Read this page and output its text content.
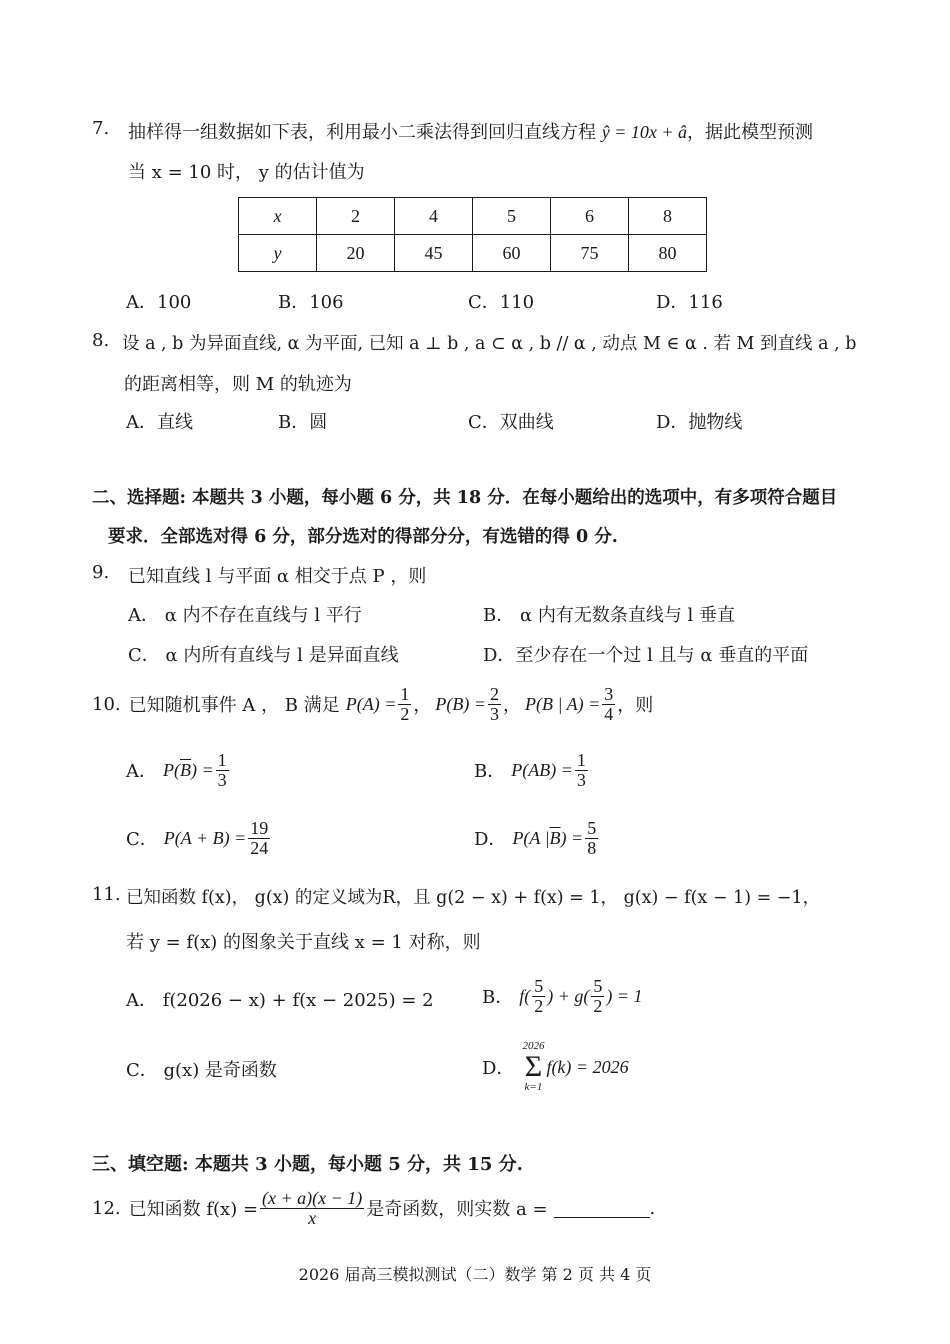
7. 抽样得一组数据如下表，利用最小二乘法得到回归直线方程 ŷ = 10x + â，据此模型预测
当 x = 10 时， y 的估计值为
x	2	4	5	6	8
y	20	45	60	75	80
A．100	B．106	C．110	D．116
8. 设 a , b 为异面直线, α 为平面, 已知 a ⊥ b , a ⊂ α , b // α , 动点 M ∈ α . 若 M 到直线 a , b
的距离相等，则 M 的轨迹为
A．直线	B．圆	C．双曲线	D．抛物线
二、选择题: 本题共 3 小题，每小题 6 分，共 18 分．在每小题给出的选项中，有多项符合题目
要求．全部选对得 6 分，部分选对的得部分分，有选错的得 0 分.
9. 已知直线 l 与平面 α 相交于点 P ，则
A． α 内不存在直线与 l 平行	B． α 内有无数条直线与 l 垂直
C． α 内所有直线与 l 是异面直线	D．至少存在一个过 l 且与 α 垂直的平面
10. 已知随机事件 A ， B 满足 $P(A) = \frac{1}{2}$ ， $P(B) = \frac{2}{3}$ ， P(B | $A) = \frac{3}{4}$ ，则
A． P( $\overline{B}$ ) = $\frac{1}{3}$	B． $P(AB) = \frac{1}{3}$
C． $P(A + B) = \frac{19}{24}$	D． P(A | $\overline{B}$ ) = $\frac{5}{8}$
11. 已知函数 f(x)， g(x) 的定义域为R，且 g(2 − x) + f(x) = 1， g(x) − f(x − 1) = −1，
若 y = f(x) 的图象关于直线 x = 1 对称，则
A． f(2026 − x) + f(x − 2025) = 2	B． $f( \frac{5}{2}$ ) + $g( \frac{5}{2}$ ) = 1
C． g(x) 是奇函数	D．
2026
Σ
k=1
f(k) = 2026
三、填空题: 本题共 3 小题，每小题 5 分，共 15 分.
12. 已知函数 $f(x) = \frac{(x + a)(x - 1)}{x}$ 是奇函数，则实数 a =	.
2026 届高三模拟测试（二）数学 第 2 页 共 4 页
